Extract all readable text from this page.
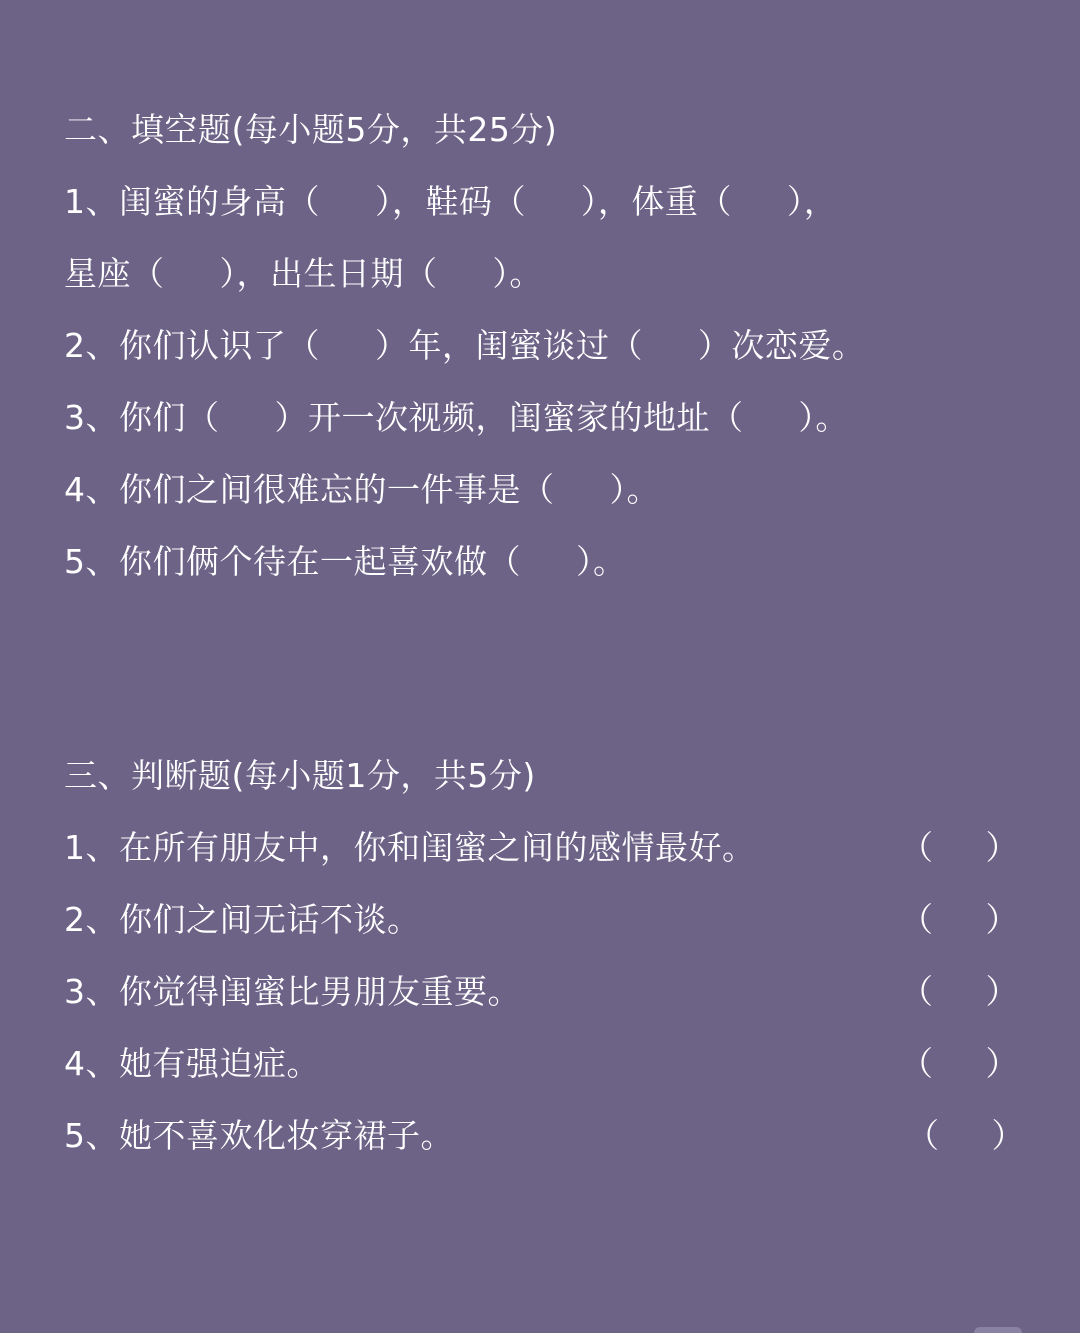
二、填空题(每小题5分，共25分)
1、闺蜜的身高（     ），鞋码（     ），体重（     ），
星座（     ），出生日期（     ）。
2、你们认识了（     ）年，闺蜜谈过（     ）次恋爱。
3、你们（     ）开一次视频，闺蜜家的地址（     ）。
4、你们之间很难忘的一件事是（     ）。
5、你们俩个待在一起喜欢做（     ）。
三、判断题(每小题1分，共5分)
1、在所有朋友中，你和闺蜜之间的感情最好。	（     ）
2、你们之间无话不谈。	（     ）
3、你觉得闺蜜比男朋友重要。	（     ）
4、她有强迫症。	（     ）
5、她不喜欢化妆穿裙子。	（     ）
